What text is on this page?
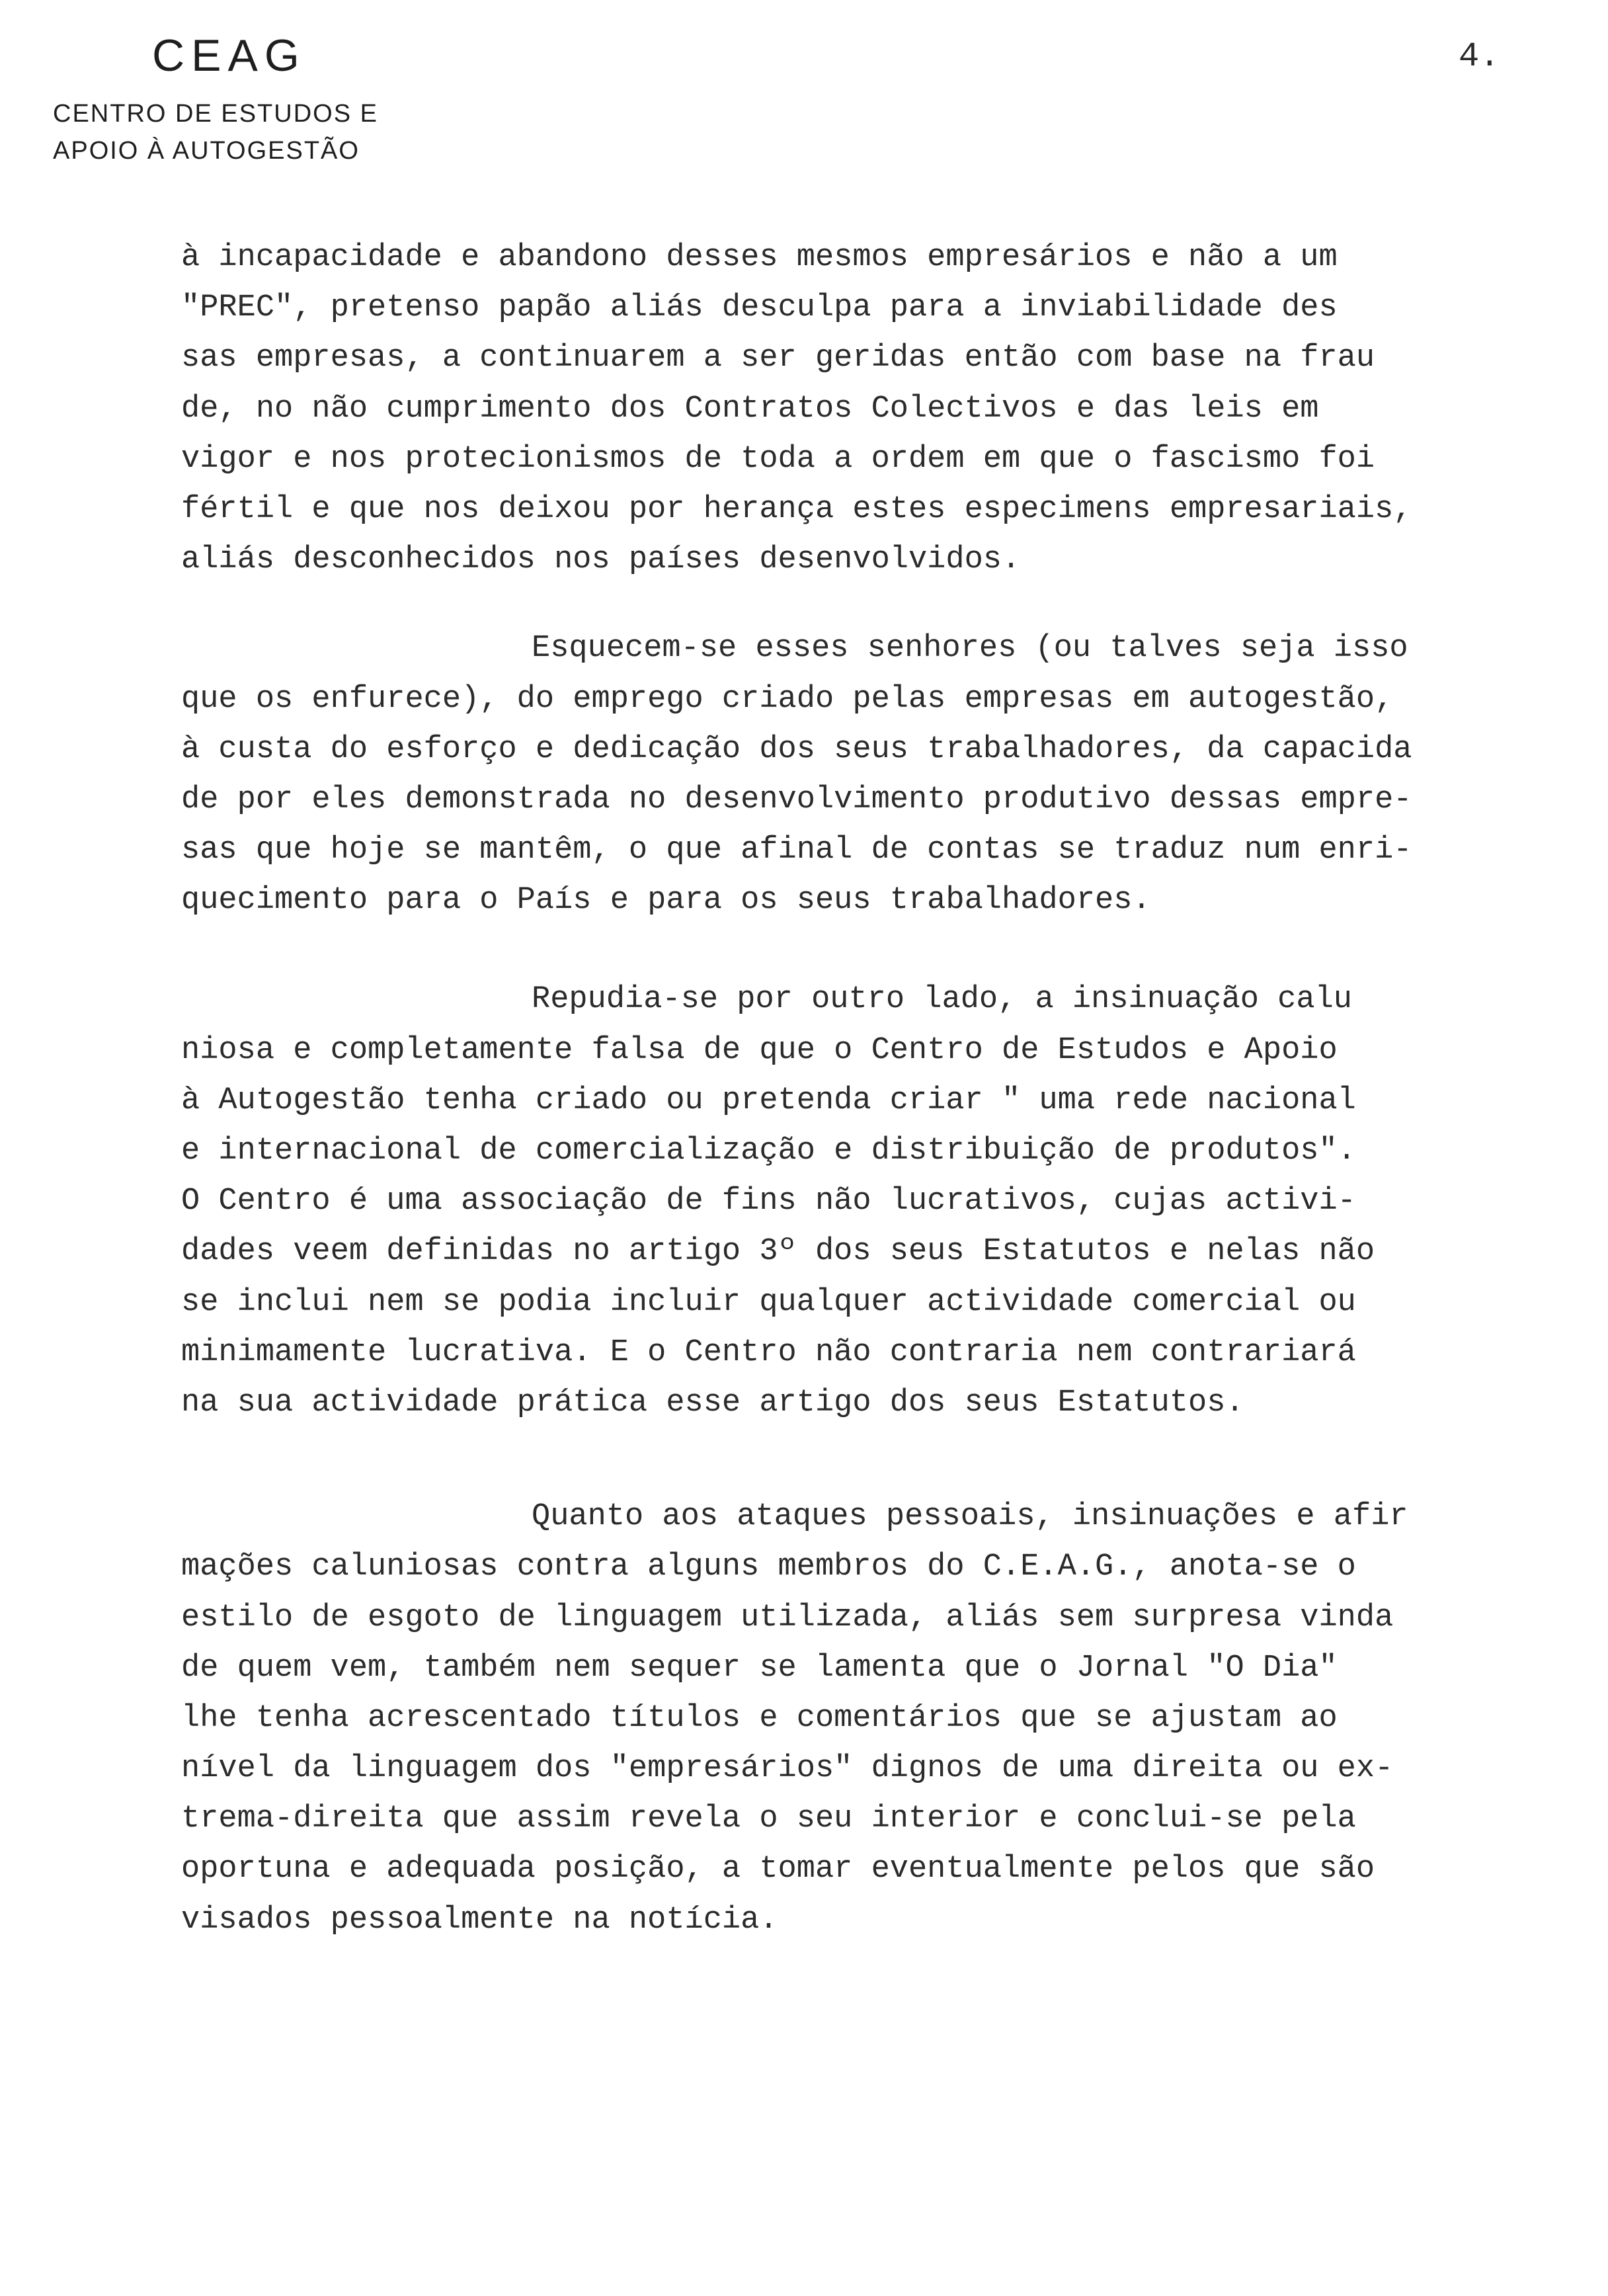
CEAG
CENTRO DE ESTUDOS E
APOIO À AUTOGESTÃO
4.
à incapacidade e abandono desses mesmos empresários e não a um
"PREC", pretenso papão aliás desculpa para a inviabilidade des
sas empresas, a continuarem a ser geridas então com base na frau
de, no não cumprimento dos Contratos Colectivos e das leis em
vigor e nos protecionismos de toda a ordem em que o fascismo foi
fértil e que nos deixou por herança estes especimens empresariais,
aliás desconhecidos nos países desenvolvidos.
Esquecem-se esses senhores (ou talves seja isso
que os enfurece), do emprego criado pelas empresas em autogestão,
à custa do esforço e dedicação dos seus trabalhadores, da capacida
de por eles demonstrada no desenvolvimento produtivo dessas empre-
sas que hoje se mantêm, o que afinal de contas se traduz num enri-
quecimento para o País e para os seus trabalhadores.
Repudia-se por outro lado, a insinuação calu
niosa e completamente falsa de que o Centro de Estudos e Apoio
à Autogestão tenha criado ou pretenda criar " uma rede nacional
e internacional de comercialização e distribuição de produtos".
O Centro é uma associação de fins não lucrativos, cujas activi-
dades veem definidas no artigo 3º dos seus Estatutos e nelas não
se inclui nem se podia incluir qualquer actividade comercial ou
minimamente lucrativa. E o Centro não contraria nem contrariará
na sua actividade prática esse artigo dos seus Estatutos.
Quanto aos ataques pessoais, insinuações e afir
mações caluniosas contra alguns membros do C.E.A.G., anota-se o
estilo de esgoto de linguagem utilizada, aliás sem surpresa vinda
de quem vem, também nem sequer se lamenta que o Jornal "O Dia"
lhe tenha acrescentado títulos e comentários que se ajustam ao
nível da linguagem dos "empresários" dignos de uma direita ou ex-
trema-direita que assim revela o seu interior e conclui-se pela
oportuna e adequada posição, a tomar eventualmente pelos que são
visados pessoalmente na notícia.
